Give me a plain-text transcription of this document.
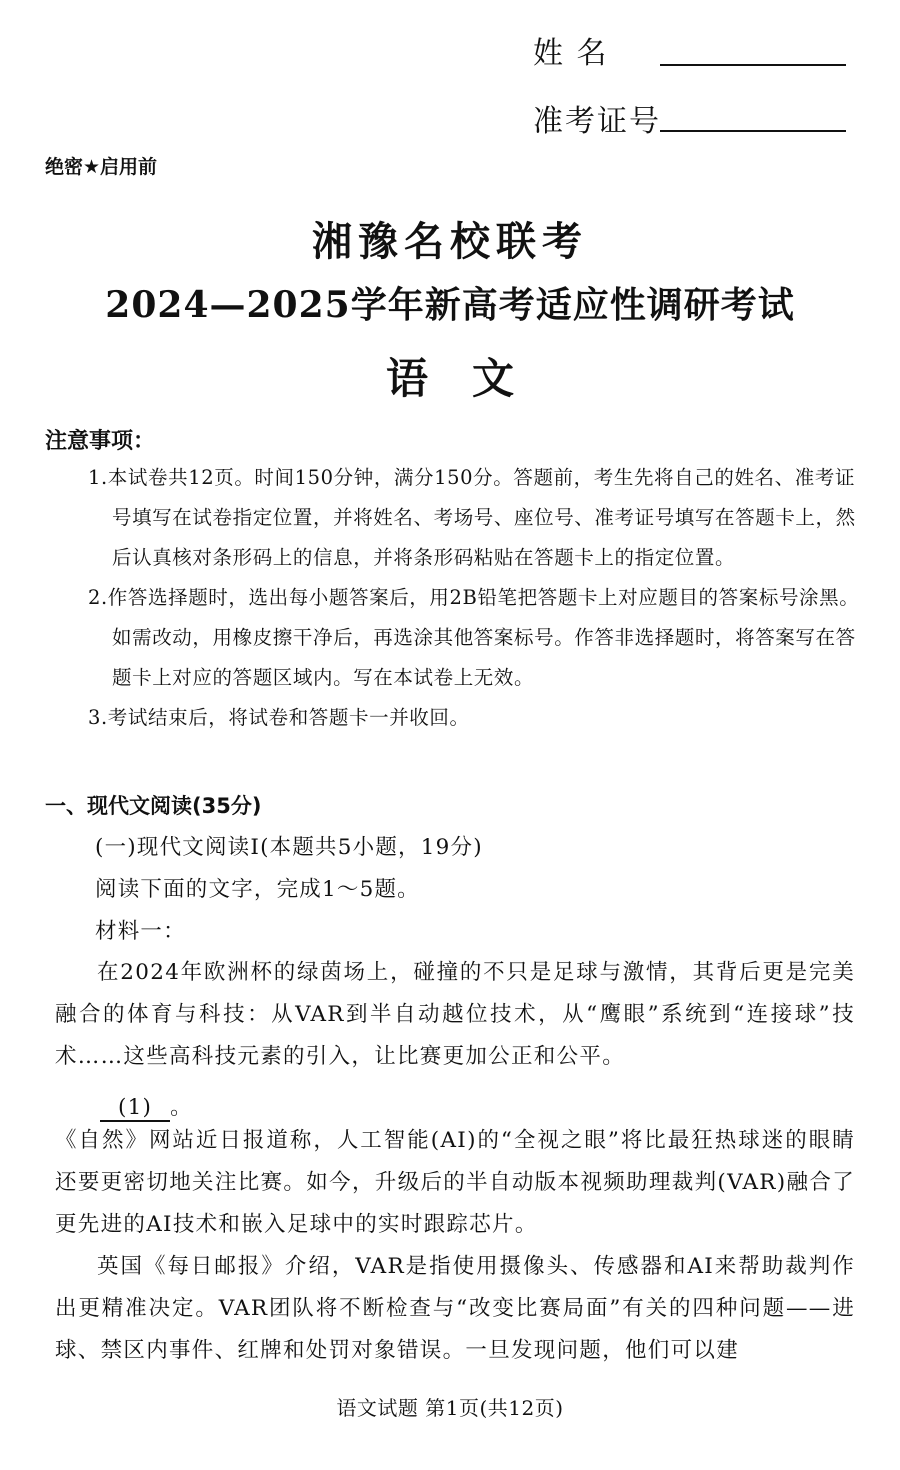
姓 名
准考证号
绝密★启用前
湘豫名校联考
2024—2025学年新高考适应性调研考试
语文
注意事项：
1.本试卷共12页。时间150分钟，满分150分。答题前，考生先将自己的姓名、准考证号填写在试卷指定位置，并将姓名、考场号、座位号、准考证号填写在答题卡上，然后认真核对条形码上的信息，并将条形码粘贴在答题卡上的指定位置。
2.作答选择题时，选出每小题答案后，用2B铅笔把答题卡上对应题目的答案标号涂黑。如需改动，用橡皮擦干净后，再选涂其他答案标号。作答非选择题时，将答案写在答题卡上对应的答题区域内。写在本试卷上无效。
3.考试结束后，将试卷和答题卡一并收回。
一、现代文阅读(35分)
(一)现代文阅读I(本题共5小题，19分)
阅读下面的文字，完成1～5题。
材料一：
在2024年欧洲杯的绿茵场上，碰撞的不只是足球与激情，其背后更是完美融合的体育与科技：从VAR到半自动越位技术，从“鹰眼”系统到“连接球”技术……这些高科技元素的引入，让比赛更加公正和公平。
(1) 。
《自然》网站近日报道称，人工智能(AI)的“全视之眼”将比最狂热球迷的眼睛还要更密切地关注比赛。如今，升级后的半自动版本视频助理裁判(VAR)融合了更先进的AI技术和嵌入足球中的实时跟踪芯片。
英国《每日邮报》介绍，VAR是指使用摄像头、传感器和AI来帮助裁判作出更精准决定。VAR团队将不断检查与“改变比赛局面”有关的四种问题——进球、禁区内事件、红牌和处罚对象错误。一旦发现问题，他们可以建
语文试题 第1页(共12页)
